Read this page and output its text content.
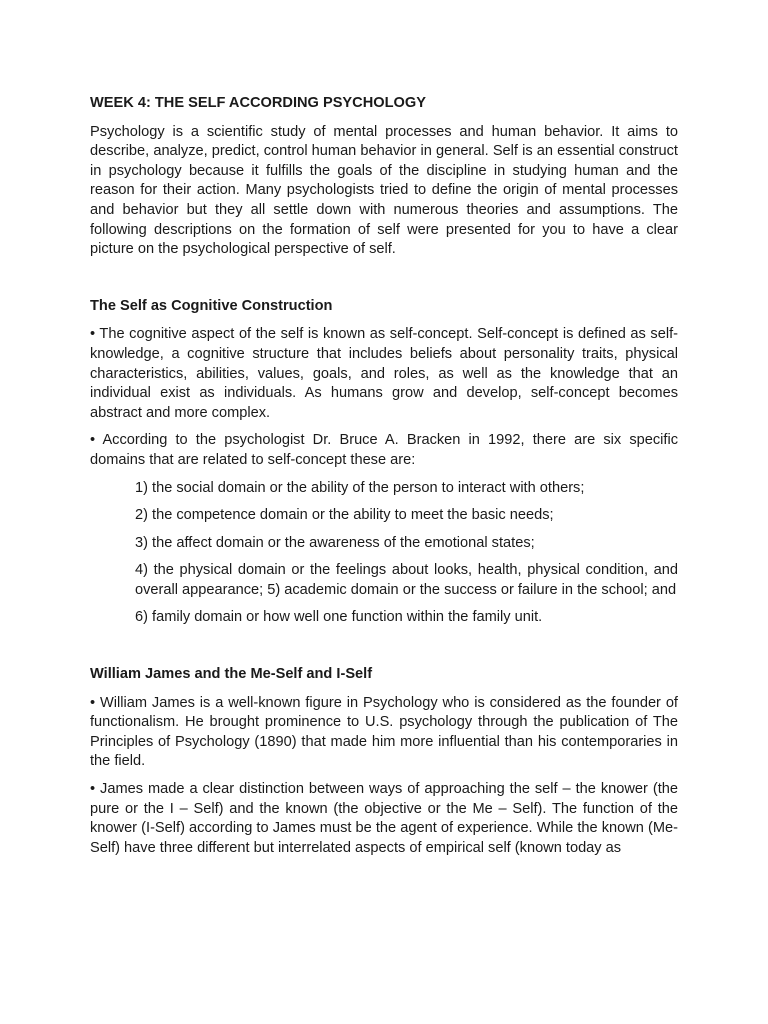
WEEK 4: THE SELF ACCORDING PSYCHOLOGY

Psychology is a scientific study of mental processes and human behavior. It aims to describe, analyze, predict, control human behavior in general. Self is an essential construct in psychology because it fulfills the goals of the discipline in studying human and the reason for their action. Many psychologists tried to define the origin of mental processes and behavior but they all settle down with numerous theories and assumptions. The following descriptions on the formation of self were presented for you to have a clear picture on the psychological perspective of self.

The Self as Cognitive Construction

• The cognitive aspect of the self is known as self-concept. Self-concept is defined as self-knowledge, a cognitive structure that includes beliefs about personality traits, physical characteristics, abilities, values, goals, and roles, as well as the knowledge that an individual exist as individuals. As humans grow and develop, self-concept becomes abstract and more complex.

• According to the psychologist Dr. Bruce A. Bracken in 1992, there are six specific domains that are related to self-concept these are:

1) the social domain or the ability of the person to interact with others;

2) the competence domain or the ability to meet the basic needs;

3) the affect domain or the awareness of the emotional states;

4) the physical domain or the feelings about looks, health, physical condition, and overall appearance; 5) academic domain or the success or failure in the school; and

6) family domain or how well one function within the family unit.

William James and the Me-Self and I-Self

• William James is a well-known figure in Psychology who is considered as the founder of functionalism. He brought prominence to U.S. psychology through the publication of The Principles of Psychology (1890) that made him more influential than his contemporaries in the field.

• James made a clear distinction between ways of approaching the self – the knower (the pure or the I – Self) and the known (the objective or the Me – Self). The function of the knower (I-Self) according to James must be the agent of experience. While the known (Me-Self) have three different but interrelated aspects of empirical self (known today as
